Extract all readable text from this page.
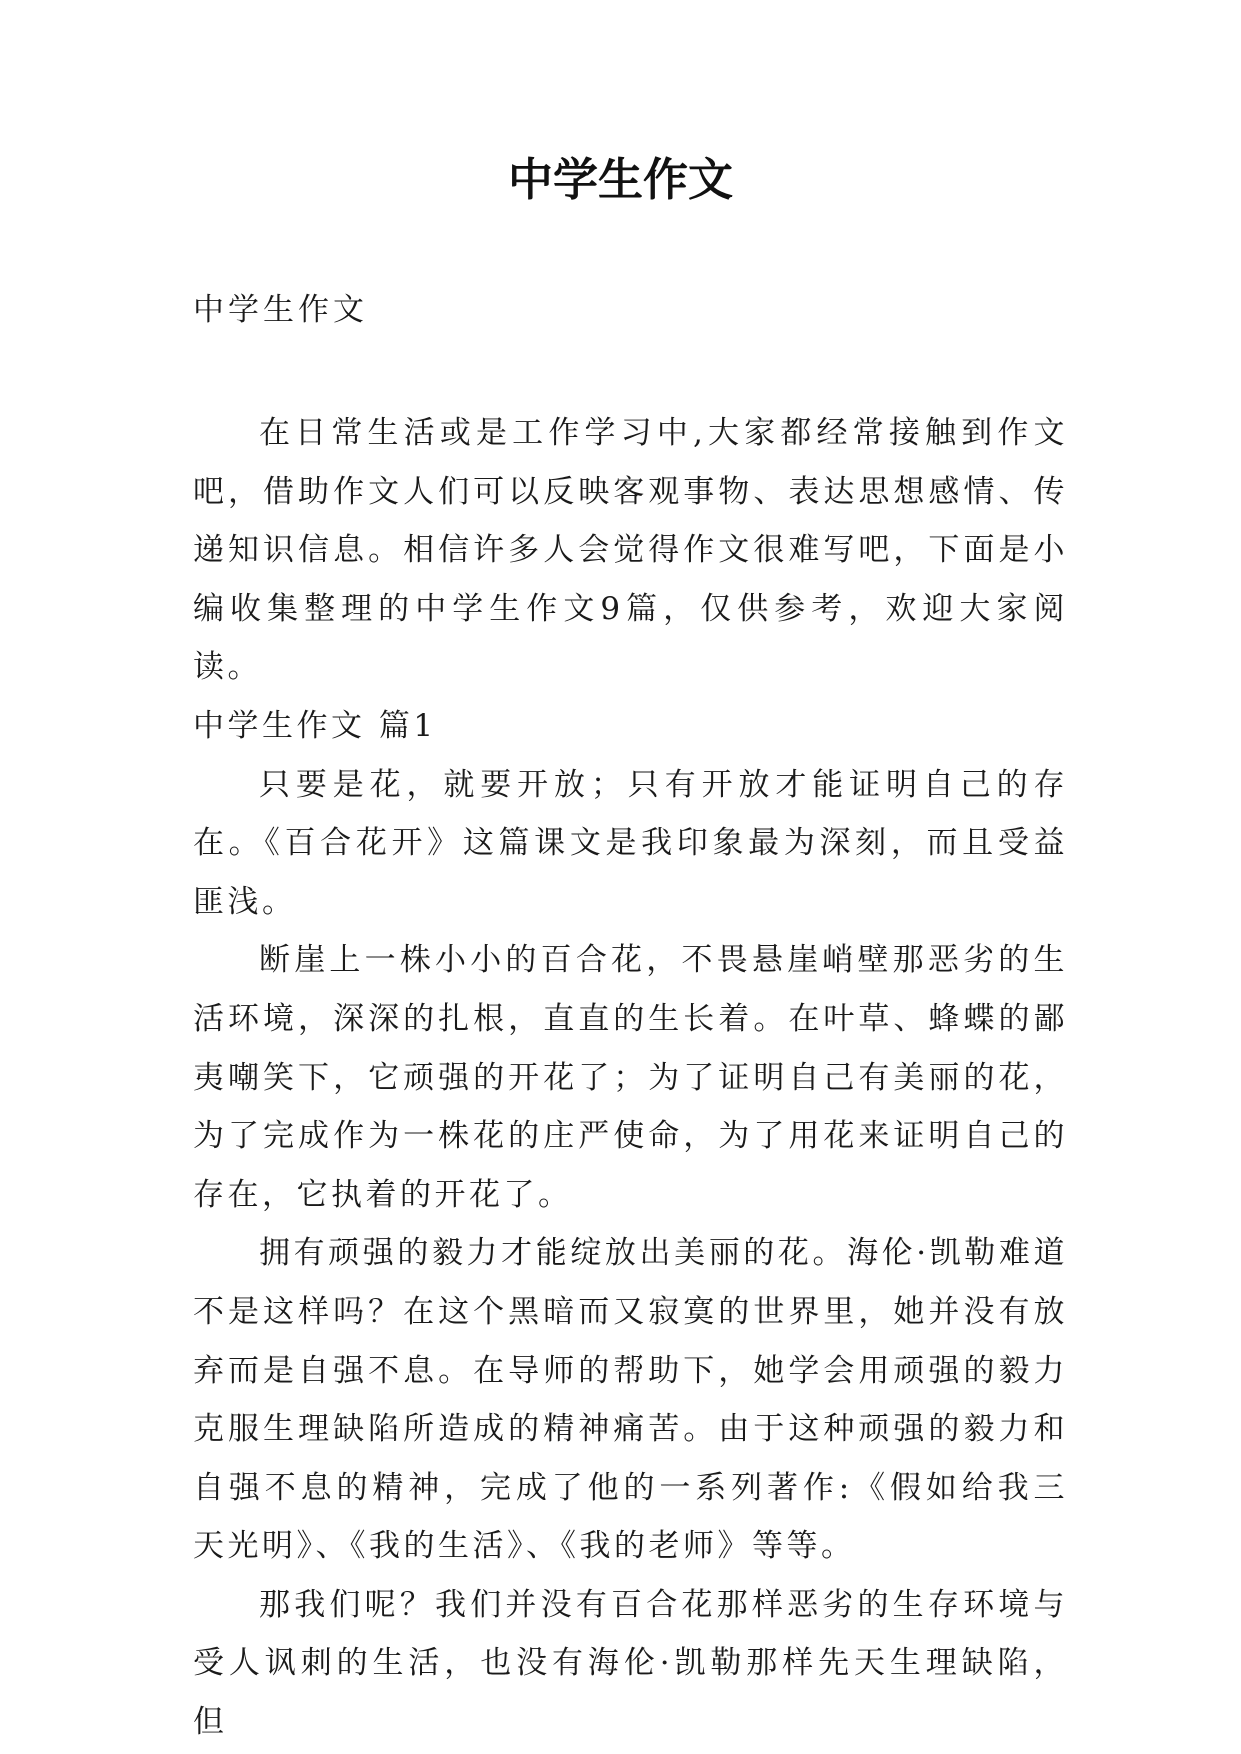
中学生作文
中学生作文

在日常生活或是工作学习中,大家都经常接触到作文吧，借助作文人们可以反映客观事物、表达思想感情、传递知识信息。相信许多人会觉得作文很难写吧，下面是小编收集整理的中学生作文9篇，仅供参考，欢迎大家阅读。

中学生作文 篇1

只要是花，就要开放；只有开放才能证明自己的存在。《百合花开》这篇课文是我印象最为深刻，而且受益匪浅。

断崖上一株小小的百合花，不畏悬崖峭壁那恶劣的生活环境，深深的扎根，直直的生长着。在叶草、蜂蝶的鄙夷嘲笑下，它顽强的开花了；为了证明自己有美丽的花，为了完成作为一株花的庄严使命，为了用花来证明自己的存在，它执着的开花了。

拥有顽强的毅力才能绽放出美丽的花。海伦·凯勒难道不是这样吗？在这个黑暗而又寂寞的世界里，她并没有放弃而是自强不息。在导师的帮助下，她学会用顽强的毅力克服生理缺陷所造成的精神痛苦。由于这种顽强的毅力和自强不息的精神，完成了他的一系列著作:《假如给我三天光明》、《我的生活》、《我的老师》等等。

那我们呢？我们并没有百合花那样恶劣的生存环境与受人讽刺的生活，也没有海伦·凯勒那样先天生理缺陷，但
